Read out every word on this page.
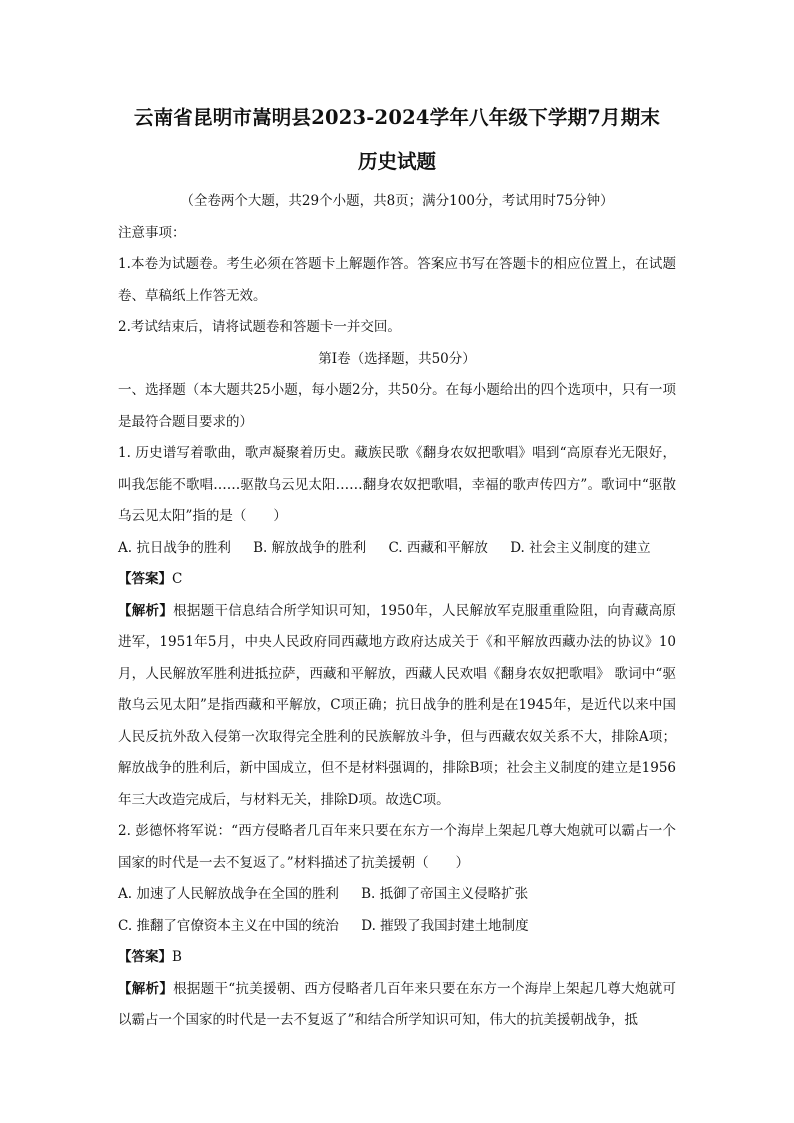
云南省昆明市嵩明县2023-2024学年八年级下学期7月期末
历史试题
（全卷两个大题，共29个小题，共8页；满分100分，考试用时75分钟）

注意事项：

1.本卷为试题卷。考生必须在答题卡上解题作答。答案应书写在答题卡的相应位置上，在试题卷、草稿纸上作答无效。

2.考试结束后，请将试题卷和答题卡一并交回。

第Ⅰ卷（选择题，共50分）

一、选择题（本大题共25小题，每小题2分，共50分。在每小题给出的四个选项中，只有一项是最符合题目要求的）

1. 历史谱写着歌曲，歌声凝聚着历史。藏族民歌《翻身农奴把歌唱》唱到“高原春光无限好，叫我怎能不歌唱……驱散乌云见太阳……翻身农奴把歌唱，幸福的歌声传四方”。歌词中“驱散乌云见太阳”指的是（　　）

A. 抗日战争的胜利 B. 解放战争的胜利 C. 西藏和平解放 D. 社会主义制度的建立

【答案】C

【解析】根据题干信息结合所学知识可知，1950年，人民解放军克服重重险阻，向青藏高原进军，1951年5月，中央人民政府同西藏地方政府达成关于《和平解放西藏办法的协议》10月，人民解放军胜利进抵拉萨，西藏和平解放，西藏人民欢唱《翻身农奴把歌唱》 歌词中“驱散乌云见太阳”是指西藏和平解放，C项正确；抗日战争的胜利是在1945年，是近代以来中国人民反抗外敌入侵第一次取得完全胜利的民族解放斗争，但与西藏农奴关系不大，排除A项；解放战争的胜利后，新中国成立，但不是材料强调的，排除B项；社会主义制度的建立是1956年三大改造完成后，与材料无关，排除D项。故选C项。

2. 彭德怀将军说：“西方侵略者几百年来只要在东方一个海岸上架起几尊大炮就可以霸占一个国家的时代是一去不复返了。”材料描述了抗美援朝（　　）

A. 加速了人民解放战争在全国的胜利 B. 抵御了帝国主义侵略扩张
C. 推翻了官僚资本主义在中国的统治 D. 摧毁了我国封建土地制度

【答案】B

【解析】根据题干“抗美援朝、西方侵略者几百年来只要在东方一个海岸上架起几尊大炮就可以霸占一个国家的时代是一去不复返了”和结合所学知识可知，伟大的抗美援朝战争，抵
